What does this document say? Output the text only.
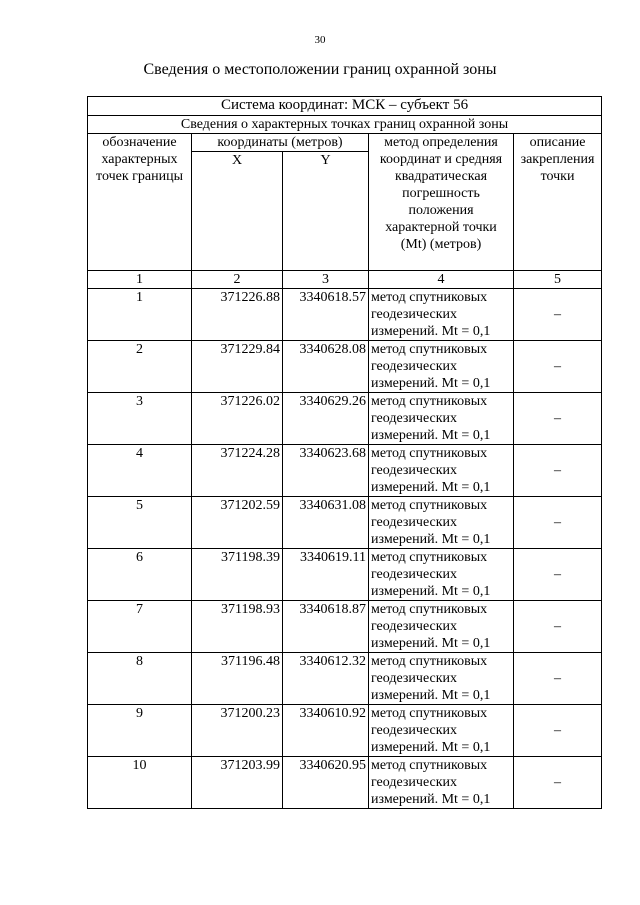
30
Сведения о местоположении границ охранной зоны
Система координат: МСК – субъект 56				
Сведения о характерных точках границ охранной зоны				
обозначение характерных точек границы	координаты (метров)		метод определения координат и средняя квадратическая погрешность положения характерной точки (Mt) (метров)	описание закрепления точки
	X	Y		
1	2	3	4	5
1	371226.88	3340618.57	метод спутниковых геодезических измерений. Mt = 0,1	–
2	371229.84	3340628.08	метод спутниковых геодезических измерений. Mt = 0,1	–
3	371226.02	3340629.26	метод спутниковых геодезических измерений. Mt = 0,1	–
4	371224.28	3340623.68	метод спутниковых геодезических измерений. Mt = 0,1	–
5	371202.59	3340631.08	метод спутниковых геодезических измерений. Mt = 0,1	–
6	371198.39	3340619.11	метод спутниковых геодезических измерений. Mt = 0,1	–
7	371198.93	3340618.87	метод спутниковых геодезических измерений. Mt = 0,1	–
8	371196.48	3340612.32	метод спутниковых геодезических измерений. Mt = 0,1	–
9	371200.23	3340610.92	метод спутниковых геодезических измерений. Mt = 0,1	–
10	371203.99	3340620.95	метод спутниковых геодезических измерений. Mt = 0,1	–
